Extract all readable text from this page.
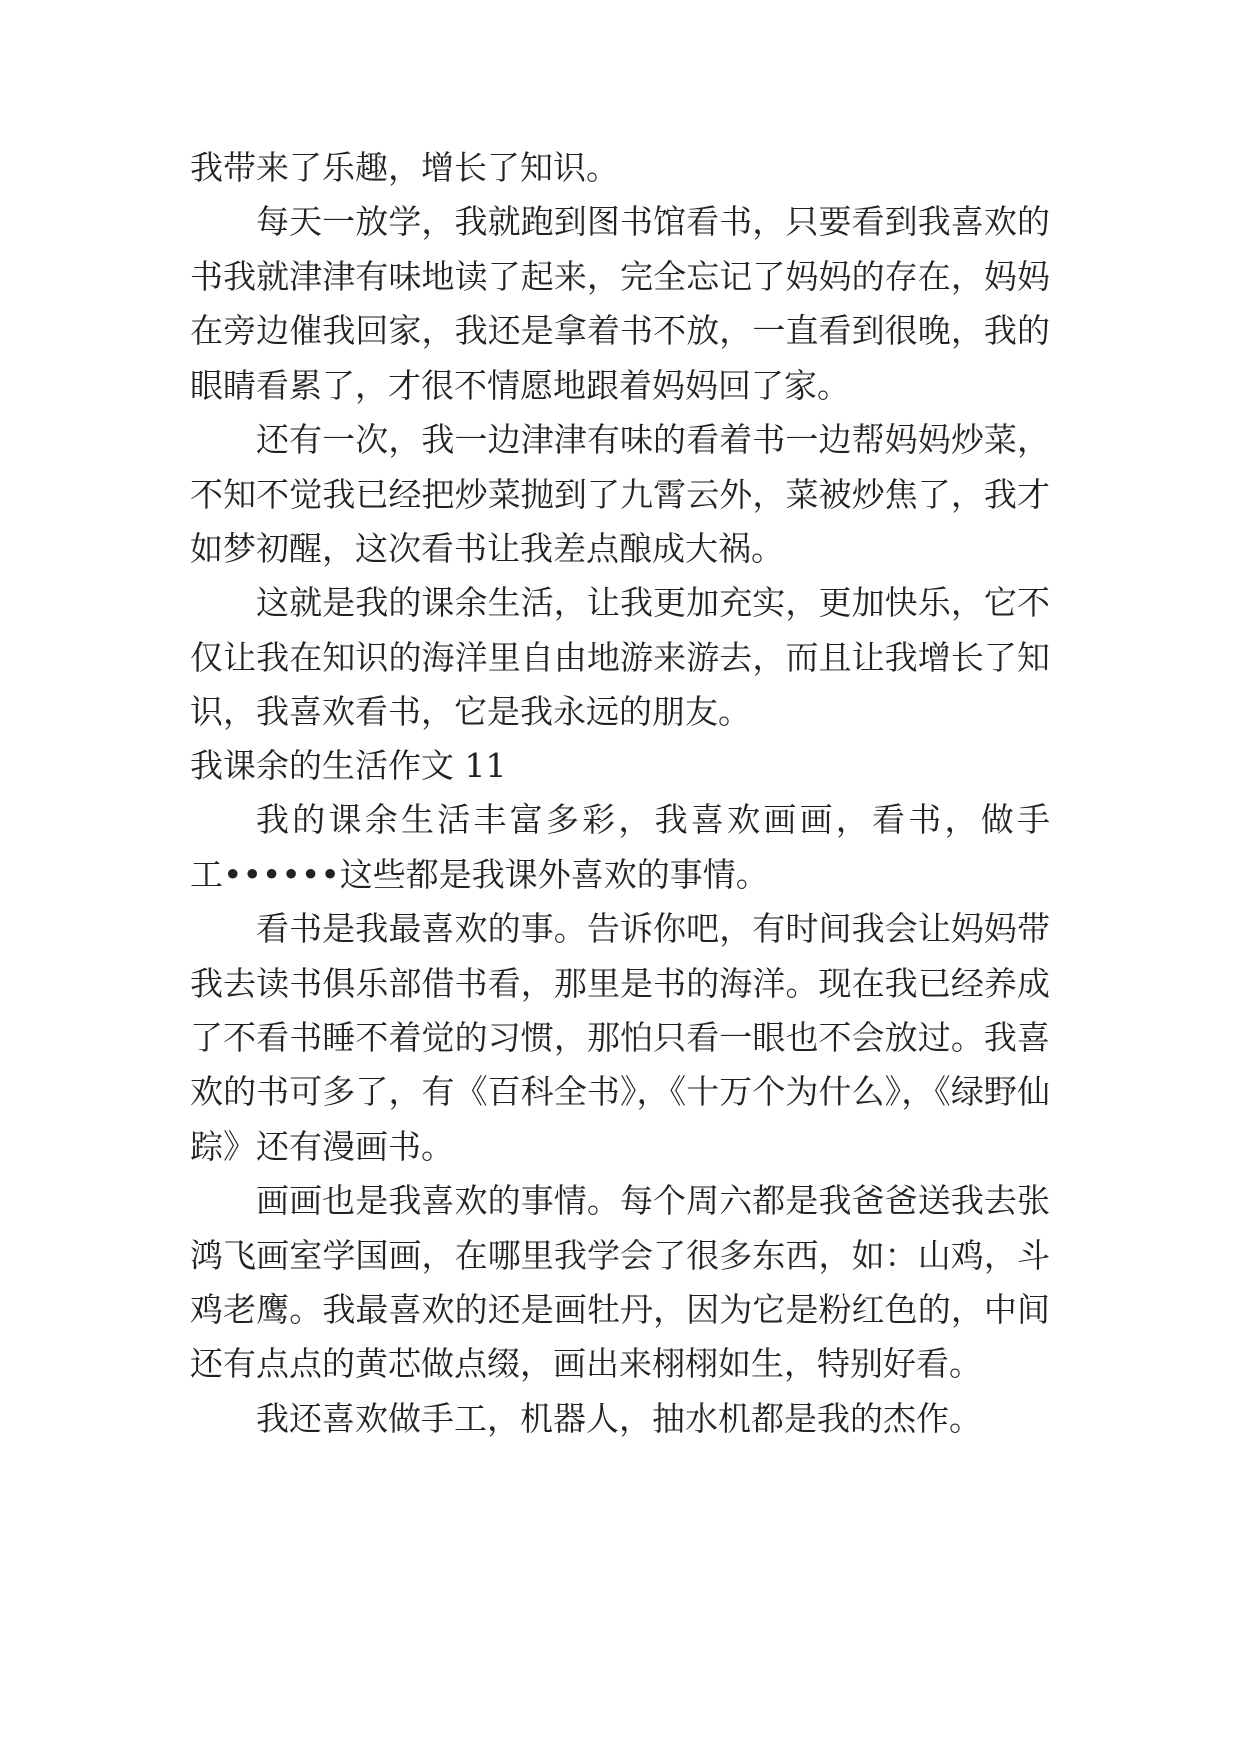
我带来了乐趣，增长了知识。
每天一放学，我就跑到图书馆看书，只要看到我喜欢的
书我就津津有味地读了起来，完全忘记了妈妈的存在，妈妈
在旁边催我回家，我还是拿着书不放，一直看到很晚，我的
眼睛看累了，才很不情愿地跟着妈妈回了家。
还有一次，我一边津津有味的看着书一边帮妈妈炒菜，
不知不觉我已经把炒菜抛到了九霄云外，菜被炒焦了，我才
如梦初醒，这次看书让我差点酿成大祸。
这就是我的课余生活，让我更加充实，更加快乐，它不
仅让我在知识的海洋里自由地游来游去，而且让我增长了知
识，我喜欢看书，它是我永远的朋友。
我课余的生活作文 11
我的课余生活丰富多彩，我喜欢画画，看书，做手
工••••••这些都是我课外喜欢的事情。
看书是我最喜欢的事。告诉你吧，有时间我会让妈妈带
我去读书俱乐部借书看，那里是书的海洋。现在我已经养成
了不看书睡不着觉的习惯，那怕只看一眼也不会放过。我喜
欢的书可多了，有《百科全书》，《十万个为什么》，《绿野仙
踪》还有漫画书。
画画也是我喜欢的事情。每个周六都是我爸爸送我去张
鸿飞画室学国画，在哪里我学会了很多东西，如：山鸡，斗
鸡老鹰。我最喜欢的还是画牡丹，因为它是粉红色的，中间
还有点点的黄芯做点缀，画出来栩栩如生，特别好看。
我还喜欢做手工，机器人，抽水机都是我的杰作。
